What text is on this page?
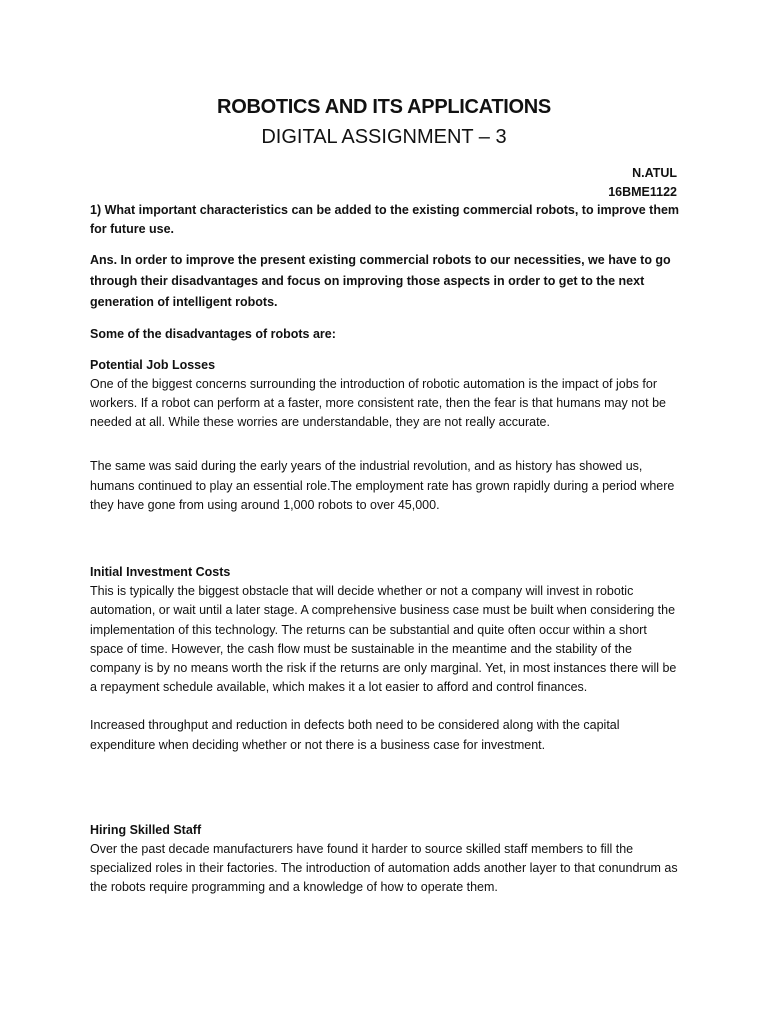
ROBOTICS AND ITS APPLICATIONS
DIGITAL ASSIGNMENT – 3
N.ATUL
16BME1122

1) What important characteristics can be added to the existing commercial robots, to improve them for future use.

Ans. In order to improve the present existing commercial robots to our necessities, we have to go through their disadvantages and focus on improving those aspects in order to get to the next generation of intelligent robots.

Some of the disadvantages of robots are:

Potential Job Losses

One of the biggest concerns surrounding the introduction of robotic automation is the impact of jobs for workers. If a robot can perform at a faster, more consistent rate, then the fear is that humans may not be needed at all. While these worries are understandable, they are not really accurate.

The same was said during the early years of the industrial revolution, and as history has showed us, humans continued to play an essential role.The employment rate has grown rapidly during a period where they have gone from using around 1,000 robots to over 45,000.

Initial Investment Costs

This is typically the biggest obstacle that will decide whether or not a company will invest in robotic automation, or wait until a later stage. A comprehensive business case must be built when considering the implementation of this technology. The returns can be substantial and quite often occur within a short space of time. However, the cash flow must be sustainable in the meantime and the stability of the company is by no means worth the risk if the returns are only marginal. Yet, in most instances there will be a repayment schedule available, which makes it a lot easier to afford and control finances.

Increased throughput and reduction in defects both need to be considered along with the capital expenditure when deciding whether or not there is a business case for investment.

Hiring Skilled Staff

Over the past decade manufacturers have found it harder to source skilled staff members to fill the specialized roles in their factories. The introduction of automation adds another layer to that conundrum as the robots require programming and a knowledge of how to operate them.
